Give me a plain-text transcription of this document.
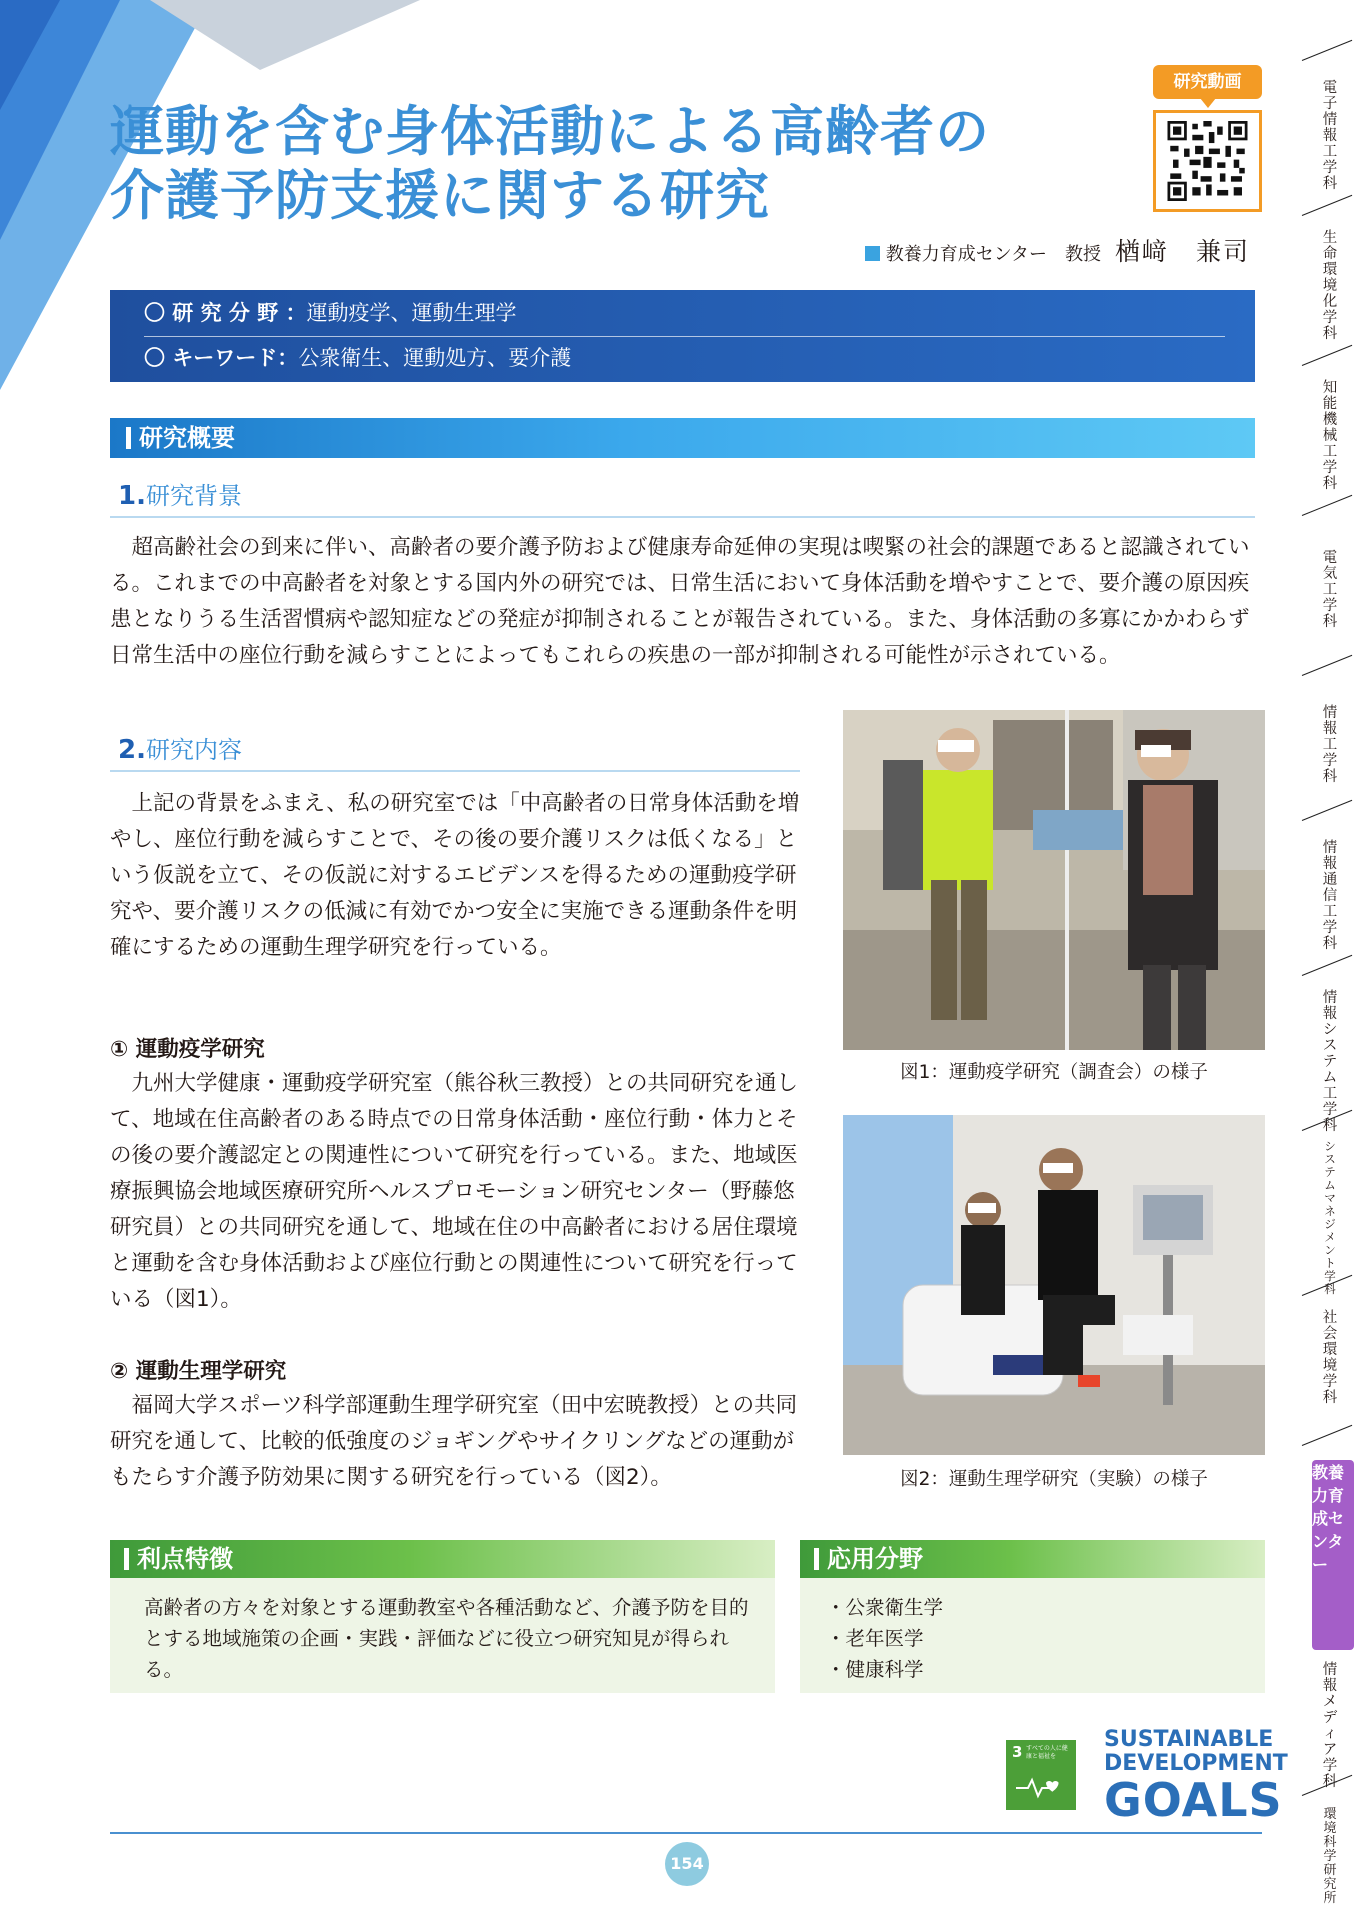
運動を含む身体活動による高齢者の
介護予防支援に関する研究
研究動画
教養力育成センター　教授 楢﨑　兼司
〇 研 究 分 野 ：運動疫学、運動生理学
〇 キーワード：公衆衛生、運動処方、要介護
研究概要
1.研究背景

超高齢社会の到来に伴い、高齢者の要介護予防および健康寿命延伸の実現は喫緊の社会的課題であると認識されている。これまでの中高齢者を対象とする国内外の研究では、日常生活において身体活動を増やすことで、要介護の原因疾患となりうる生活習慣病や認知症などの発症が抑制されることが報告されている。また、身体活動の多寡にかかわらず日常生活中の座位行動を減らすことによってもこれらの疾患の一部が抑制される可能性が示されている。

2.研究内容

上記の背景をふまえ、私の研究室では「中高齢者の日常身体活動を増やし、座位行動を減らすことで、その後の要介護リスクは低くなる」という仮説を立て、その仮説に対するエビデンスを得るための運動疫学研究や、要介護リスクの低減に有効でかつ安全に実施できる運動条件を明確にするための運動生理学研究を行っている。

① 運動疫学研究

九州大学健康・運動疫学研究室（熊谷秋三教授）との共同研究を通して、地域在住高齢者のある時点での日常身体活動・座位行動・体力とその後の要介護認定との関連性について研究を行っている。また、地域医療振興協会地域医療研究所ヘルスプロモーション研究センター（野藤悠研究員）との共同研究を通して、地域在住の中高齢者における居住環境と運動を含む身体活動および座位行動との関連性について研究を行っている（図1）。

② 運動生理学研究

福岡大学スポーツ科学部運動生理学研究室（田中宏暁教授）との共同研究を通して、比較的低強度のジョギングやサイクリングなどの運動がもたらす介護予防効果に関する研究を行っている（図2）。

図1：運動疫学研究（調査会）の様子
図2：運動生理学研究（実験）の様子
利点特徴

高齢者の方々を対象とする運動教室や各種活動など、介護予防を目的とする地域施策の企画・実践・評価などに役立つ研究知見が得られる。

応用分野
・公衆衛生学
・老年医学
・健康科学
3 すべての人に健康と福祉を
SUSTAINABLE
DEVELOPMENT
GOALS
154
電子情報工学科
生命環境化学科
知能機械工学科
電気工学科
情報工学科
情報通信工学科
情報システム工学科
システムマネジメント学科
社会環境学科
教養力育成センター
情報メディア学科
環境科学研究所
